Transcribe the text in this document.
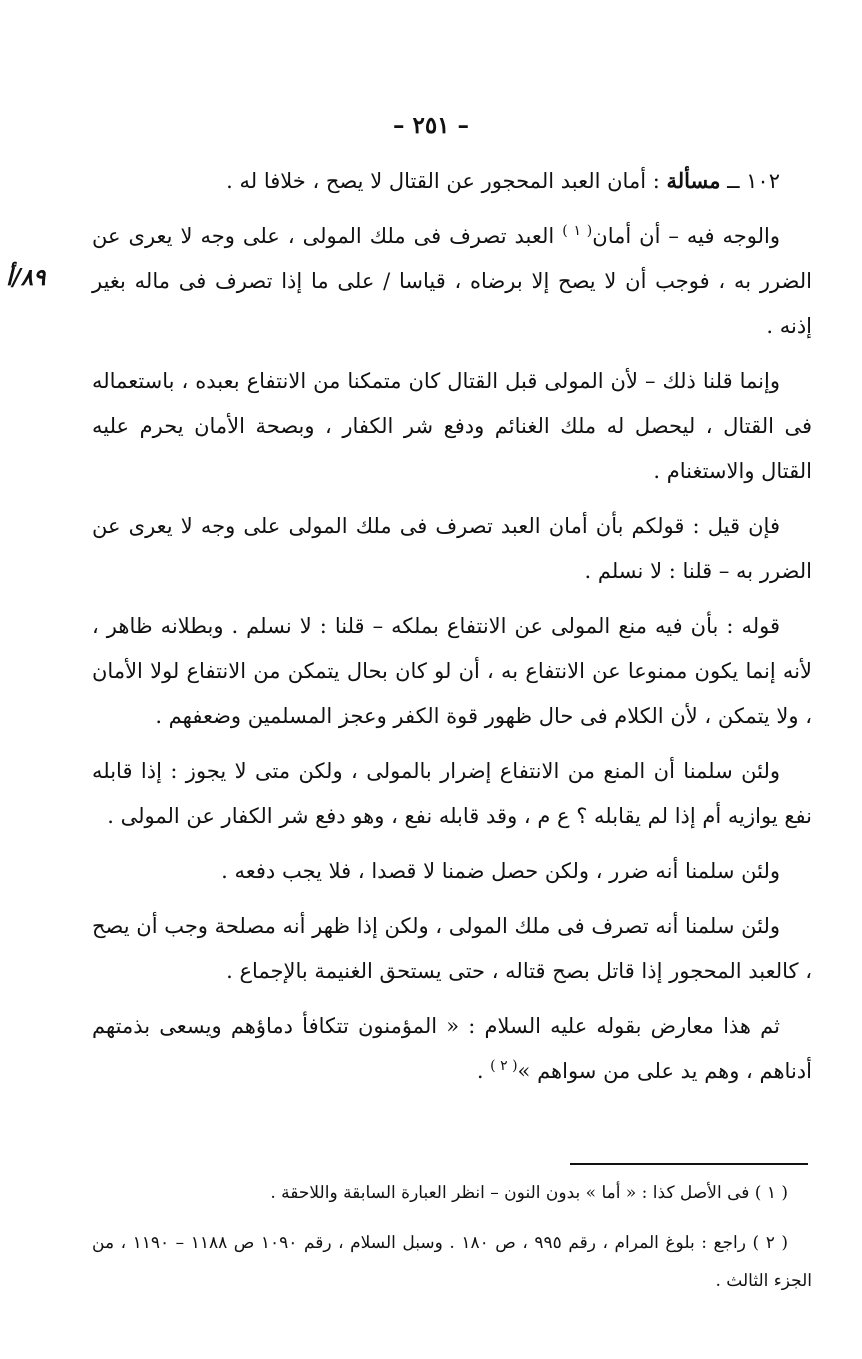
– ٢٥١ –
٨٩/أ

١٠٢ ــ مسألة : أمان العبد المحجور عن القتال لا يصح ، خلافا له .

والوجه فيه – أن أمان$^{( ١ )}$ العبد تصرف فى ملك المولى ، على وجه لا يعرى عن الضرر به ، فوجب أن لا يصح إلا برضاه ، قياسا / على ما إذا تصرف فى ماله بغير إذنه .

وإنما قلنا ذلك – لأن المولى قبل القتال كان متمكنا من الانتفاع بعبده ، باستعماله فى القتال ، ليحصل له ملك الغنائم ودفع شر الكفار ، وبصحة الأمان يحرم عليه القتال والاستغنام .

فإن قيل : قولكم بأن أمان العبد تصرف فى ملك المولى على وجه لا يعرى عن الضرر به – قلنا : لا نسلم .

قوله : بأن فيه منع المولى عن الانتفاع بملكه – قلنا : لا نسلم . وبطلانه ظاهر ، لأنه إنما يكون ممنوعا عن الانتفاع به ، أن لو كان بحال يتمكن من الانتفاع لولا الأمان ، ولا يتمكن ، لأن الكلام فى حال ظهور قوة الكفر وعجز المسلمين وضعفهم .

ولئن سلمنا أن المنع من الانتفاع إضرار بالمولى ، ولكن متى لا يجوز : إذا قابله نفع يوازيه أم إذا لم يقابله ؟ ع م ، وقد قابله نفع ، وهو دفع شر الكفار عن المولى .

ولئن سلمنا أنه ضرر ، ولكن حصل ضمنا لا قصدا ، فلا يجب دفعه .

ولئن سلمنا أنه تصرف فى ملك المولى ، ولكن إذا ظهر أنه مصلحة وجب أن يصح ، كالعبد المحجور إذا قاتل بصح قتاله ، حتى يستحق الغنيمة بالإجماع .

ثم هذا معارض بقوله عليه السلام : « المؤمنون تتكافأ دماؤهم ويسعى بذمتهم أدناهم ، وهم يد على من سواهم »$^{( ٢ )}$ .

( ١ ) فى الأصل كذا : « أما » بدون النون – انظر العبارة السابقة واللاحقة .

( ٢ ) راجع : بلوغ المرام ، رقم ٩٩٥ ، ص ١٨٠ . وسبل السلام ، رقم ١٠٩٠ ص ١١٨٨ – ١١٩٠ ، من الجزء الثالث .
